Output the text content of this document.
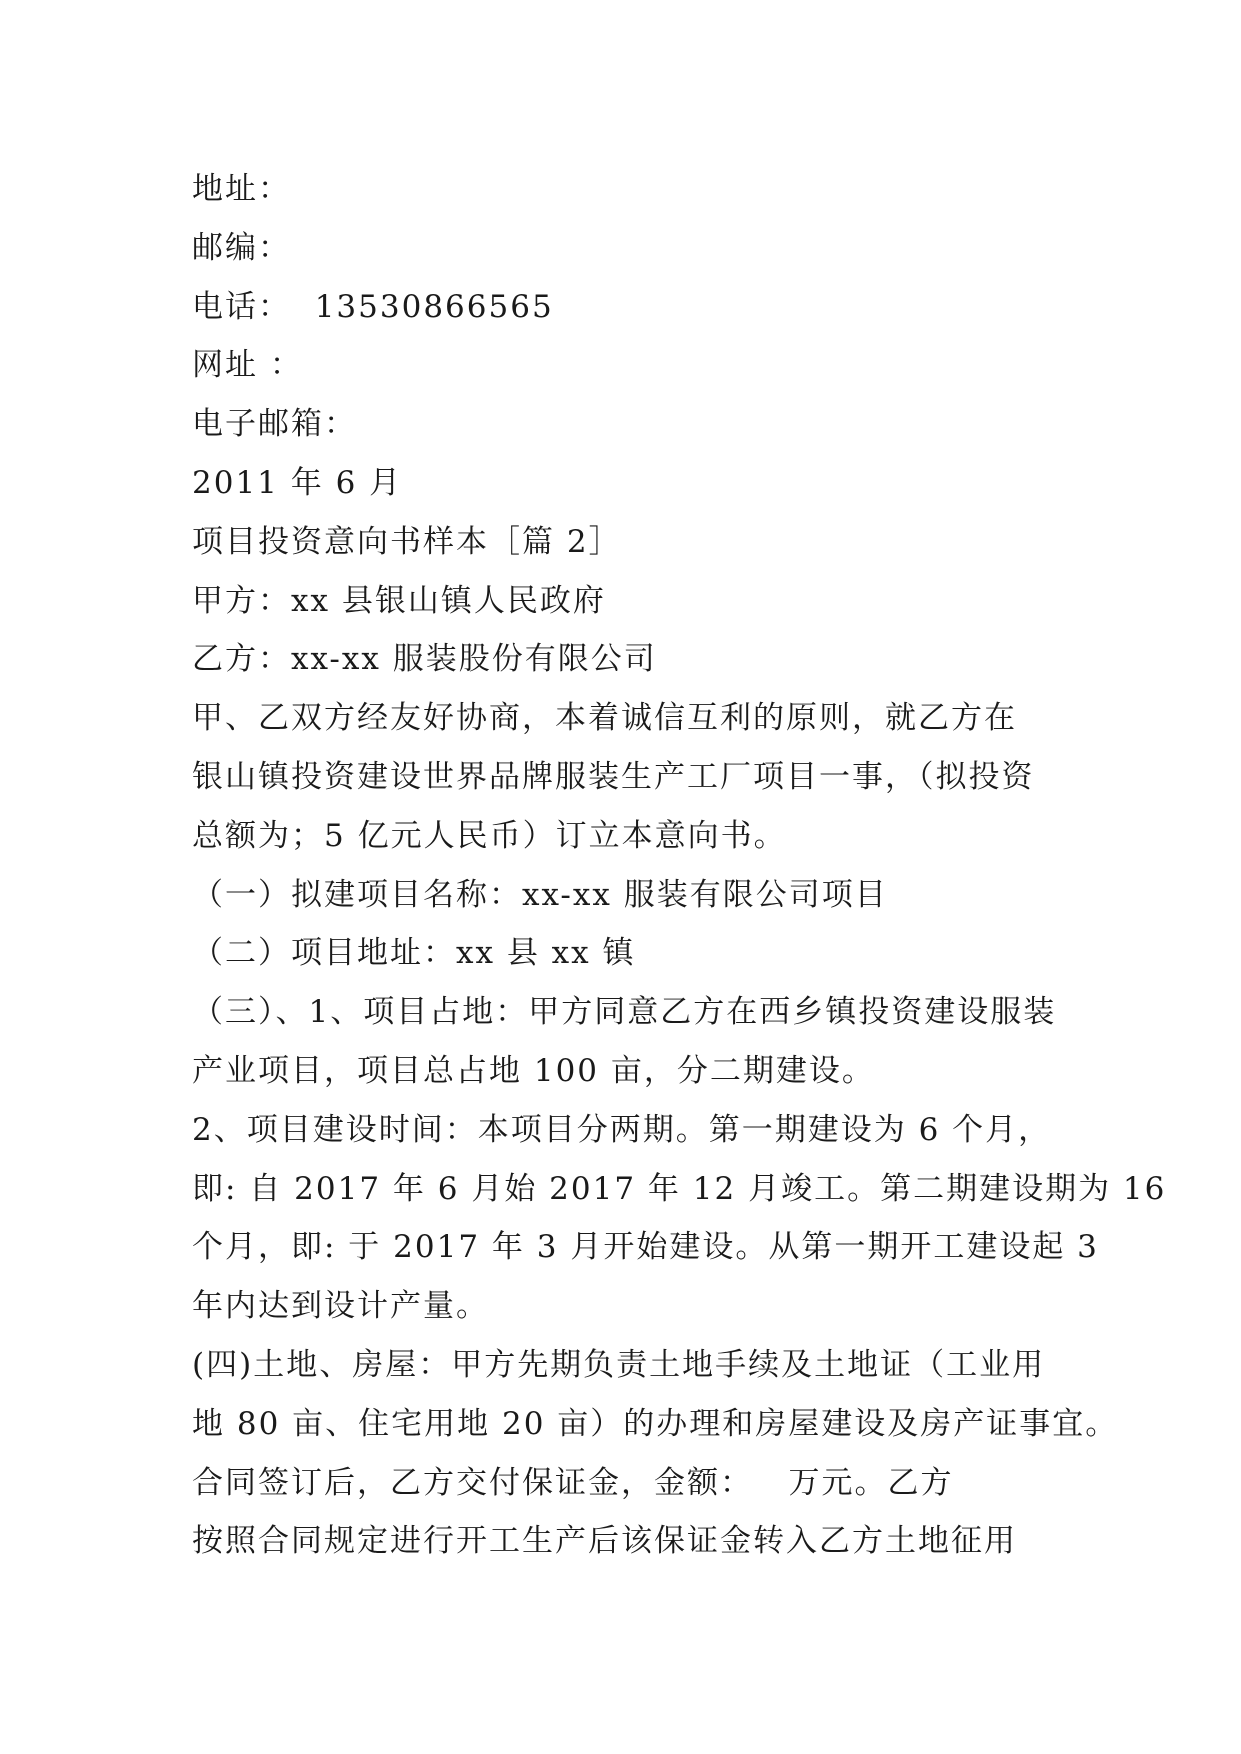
地址：
邮编：
电话：  13530866565
网址 ：
电子邮箱：
2011 年 6 月
项目投资意向书样本［篇 2］
甲方：xx 县银山镇人民政府
乙方：xx-xx 服装股份有限公司
甲、乙双方经友好协商，本着诚信互利的原则，就乙方在
银山镇投资建设世界品牌服装生产工厂项目一事，（拟投资
总额为；5 亿元人民币）订立本意向书。
（一）拟建项目名称：xx-xx 服装有限公司项目
（二）项目地址：xx 县 xx 镇
（三）、1、项目占地：甲方同意乙方在西乡镇投资建设服装
产业项目，项目总占地 100 亩，分二期建设。
2、项目建设时间：本项目分两期。第一期建设为 6 个月，
即: 自 2017 年 6 月始 2017 年 12 月竣工。第二期建设期为 16
个月，即: 于 2017 年 3 月开始建设。从第一期开工建设起 3
年内达到设计产量。
(四)土地、房屋：甲方先期负责土地手续及土地证（工业用
地 80 亩、住宅用地 20 亩）的办理和房屋建设及房产证事宜。
合同签订后，乙方交付保证金，金额：   万元。乙方
按照合同规定进行开工生产后该保证金转入乙方土地征用
